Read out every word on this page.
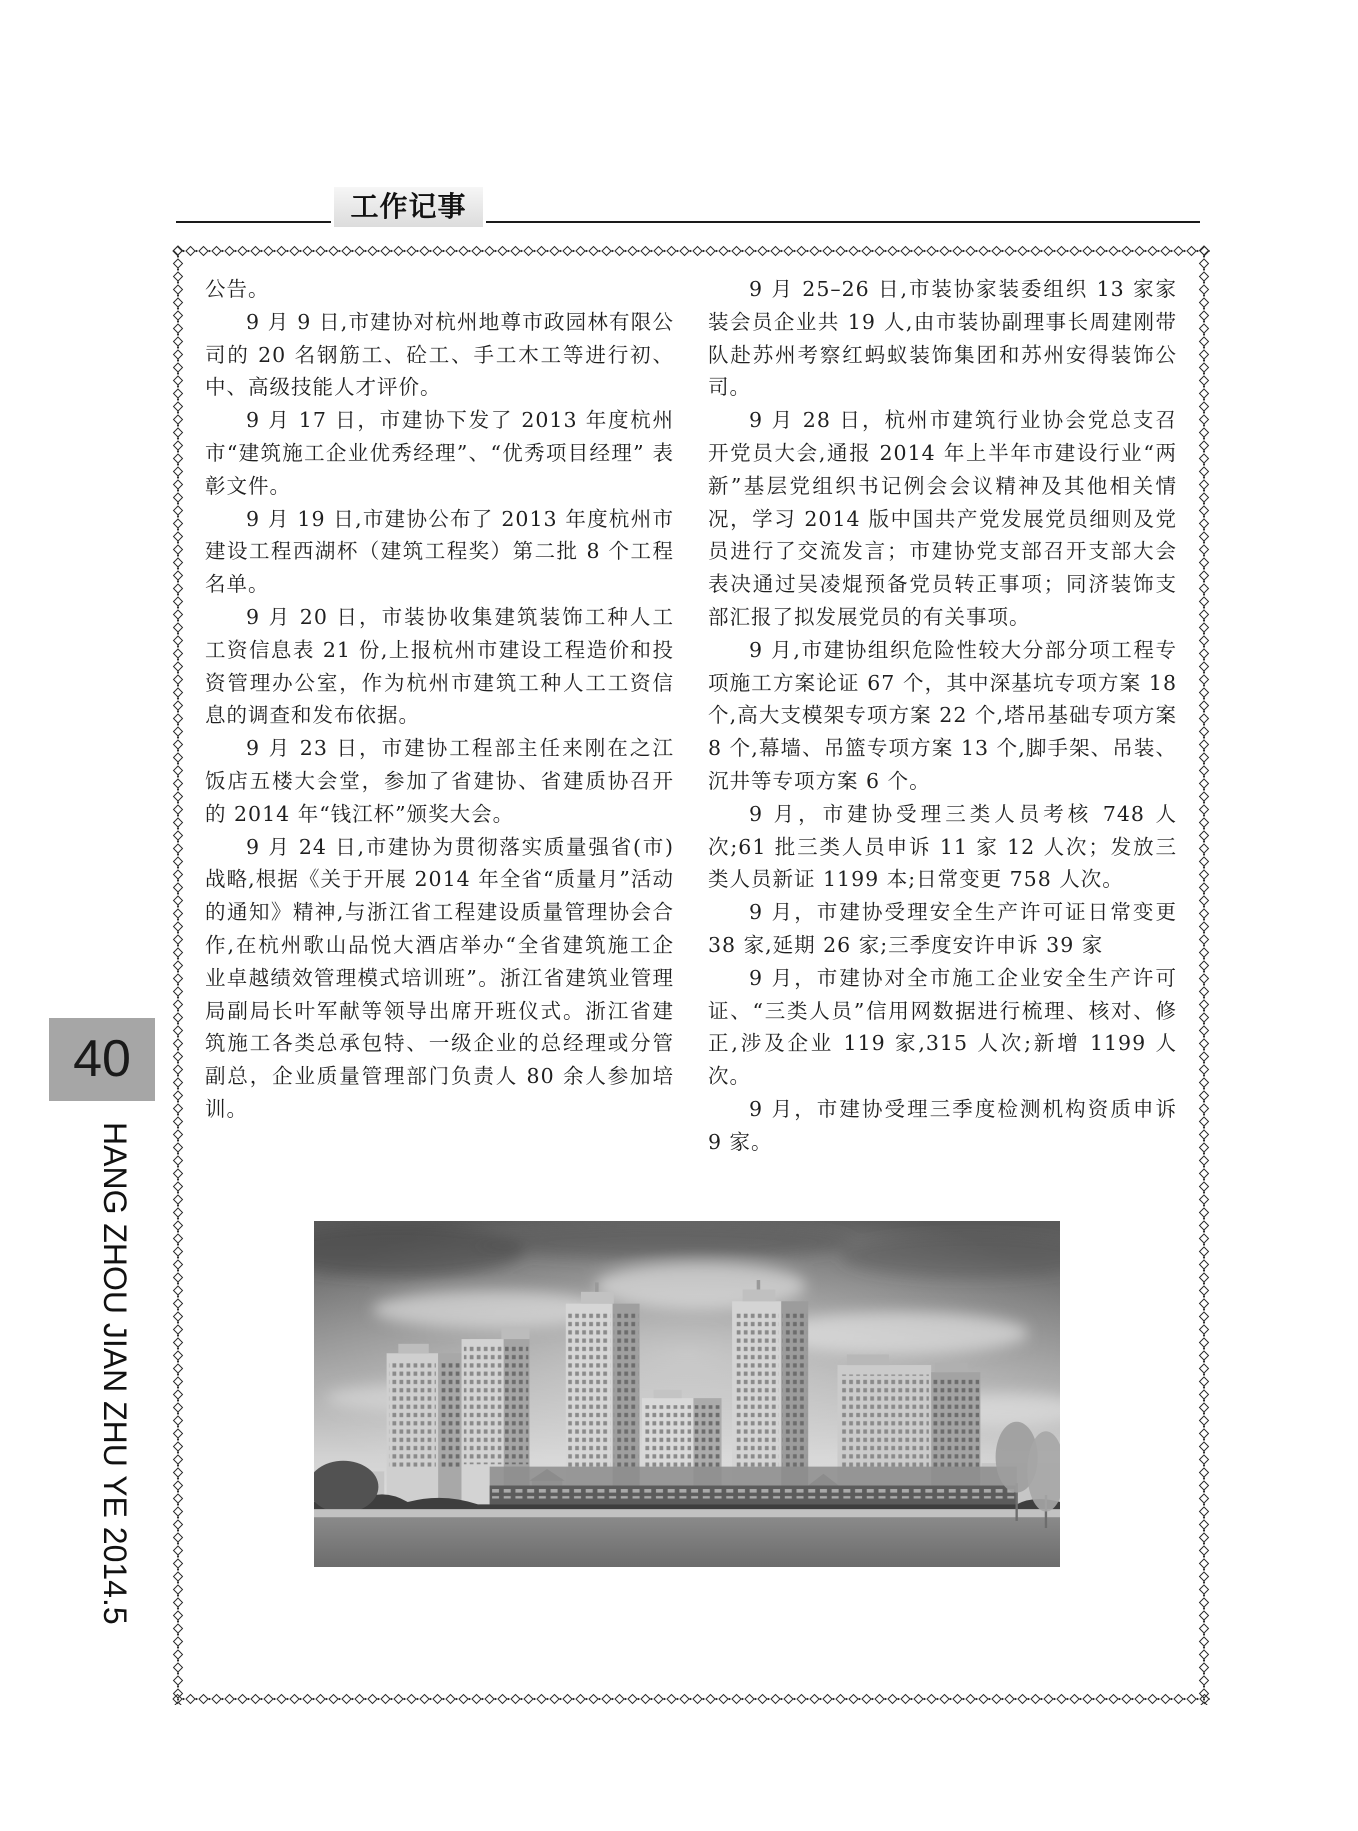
工作记事

公告。

9 月 9 日,市建协对杭州地尊市政园林有限公司的 20 名钢筋工、砼工、手工木工等进行初、中、高级技能人才评价。

9 月 17 日，市建协下发了 2013 年度杭州市“建筑施工企业优秀经理”、“优秀项目经理” 表彰文件。

9 月 19 日,市建协公布了 2013 年度杭州市建设工程西湖杯（建筑工程奖）第二批 8 个工程名单。

9 月 20 日，市装协收集建筑装饰工种人工工资信息表 21 份,上报杭州市建设工程造价和投资管理办公室，作为杭州市建筑工种人工工资信息的调查和发布依据。

9 月 23 日，市建协工程部主任来刚在之江饭店五楼大会堂，参加了省建协、省建质协召开的 2014 年“钱江杯”颁奖大会。

9 月 24 日,市建协为贯彻落实质量强省(市)战略,根据《关于开展 2014 年全省“质量月”活动的通知》精神,与浙江省工程建设质量管理协会合作,在杭州歌山品悦大酒店举办“全省建筑施工企业卓越绩效管理模式培训班”。浙江省建筑业管理局副局长叶军献等领导出席开班仪式。浙江省建筑施工各类总承包特、一级企业的总经理或分管副总，企业质量管理部门负责人 80 余人参加培训。

9 月 25–26 日,市装协家装委组织 13 家家装会员企业共 19 人,由市装协副理事长周建刚带队赴苏州考察红蚂蚁装饰集团和苏州安得装饰公司。

9 月 28 日，杭州市建筑行业协会党总支召开党员大会,通报 2014 年上半年市建设行业“两新”基层党组织书记例会会议精神及其他相关情况，学习 2014 版中国共产党发展党员细则及党员进行了交流发言；市建协党支部召开支部大会表决通过吴凌焜预备党员转正事项；同济装饰支部汇报了拟发展党员的有关事项。

9 月,市建协组织危险性较大分部分项工程专项施工方案论证 67 个，其中深基坑专项方案 18 个,高大支模架专项方案 22 个,塔吊基础专项方案 8 个,幕墙、吊篮专项方案 13 个,脚手架、吊装、沉井等专项方案 6 个。

9 月，市建协受理三类人员考核 748 人次;61 批三类人员申诉 11 家 12 人次；发放三类人员新证 1199 本;日常变更 758 人次。

9 月，市建协受理安全生产许可证日常变更 38 家,延期 26 家;三季度安许申诉 39 家

9 月，市建协对全市施工企业安全生产许可证、“三类人员”信用网数据进行梳理、核对、修正,涉及企业 119 家,315 人次;新增 1199 人次。

9 月，市建协受理三季度检测机构资质申诉 9 家。

40
HANG ZHOU JIAN ZHU YE 2014.5
